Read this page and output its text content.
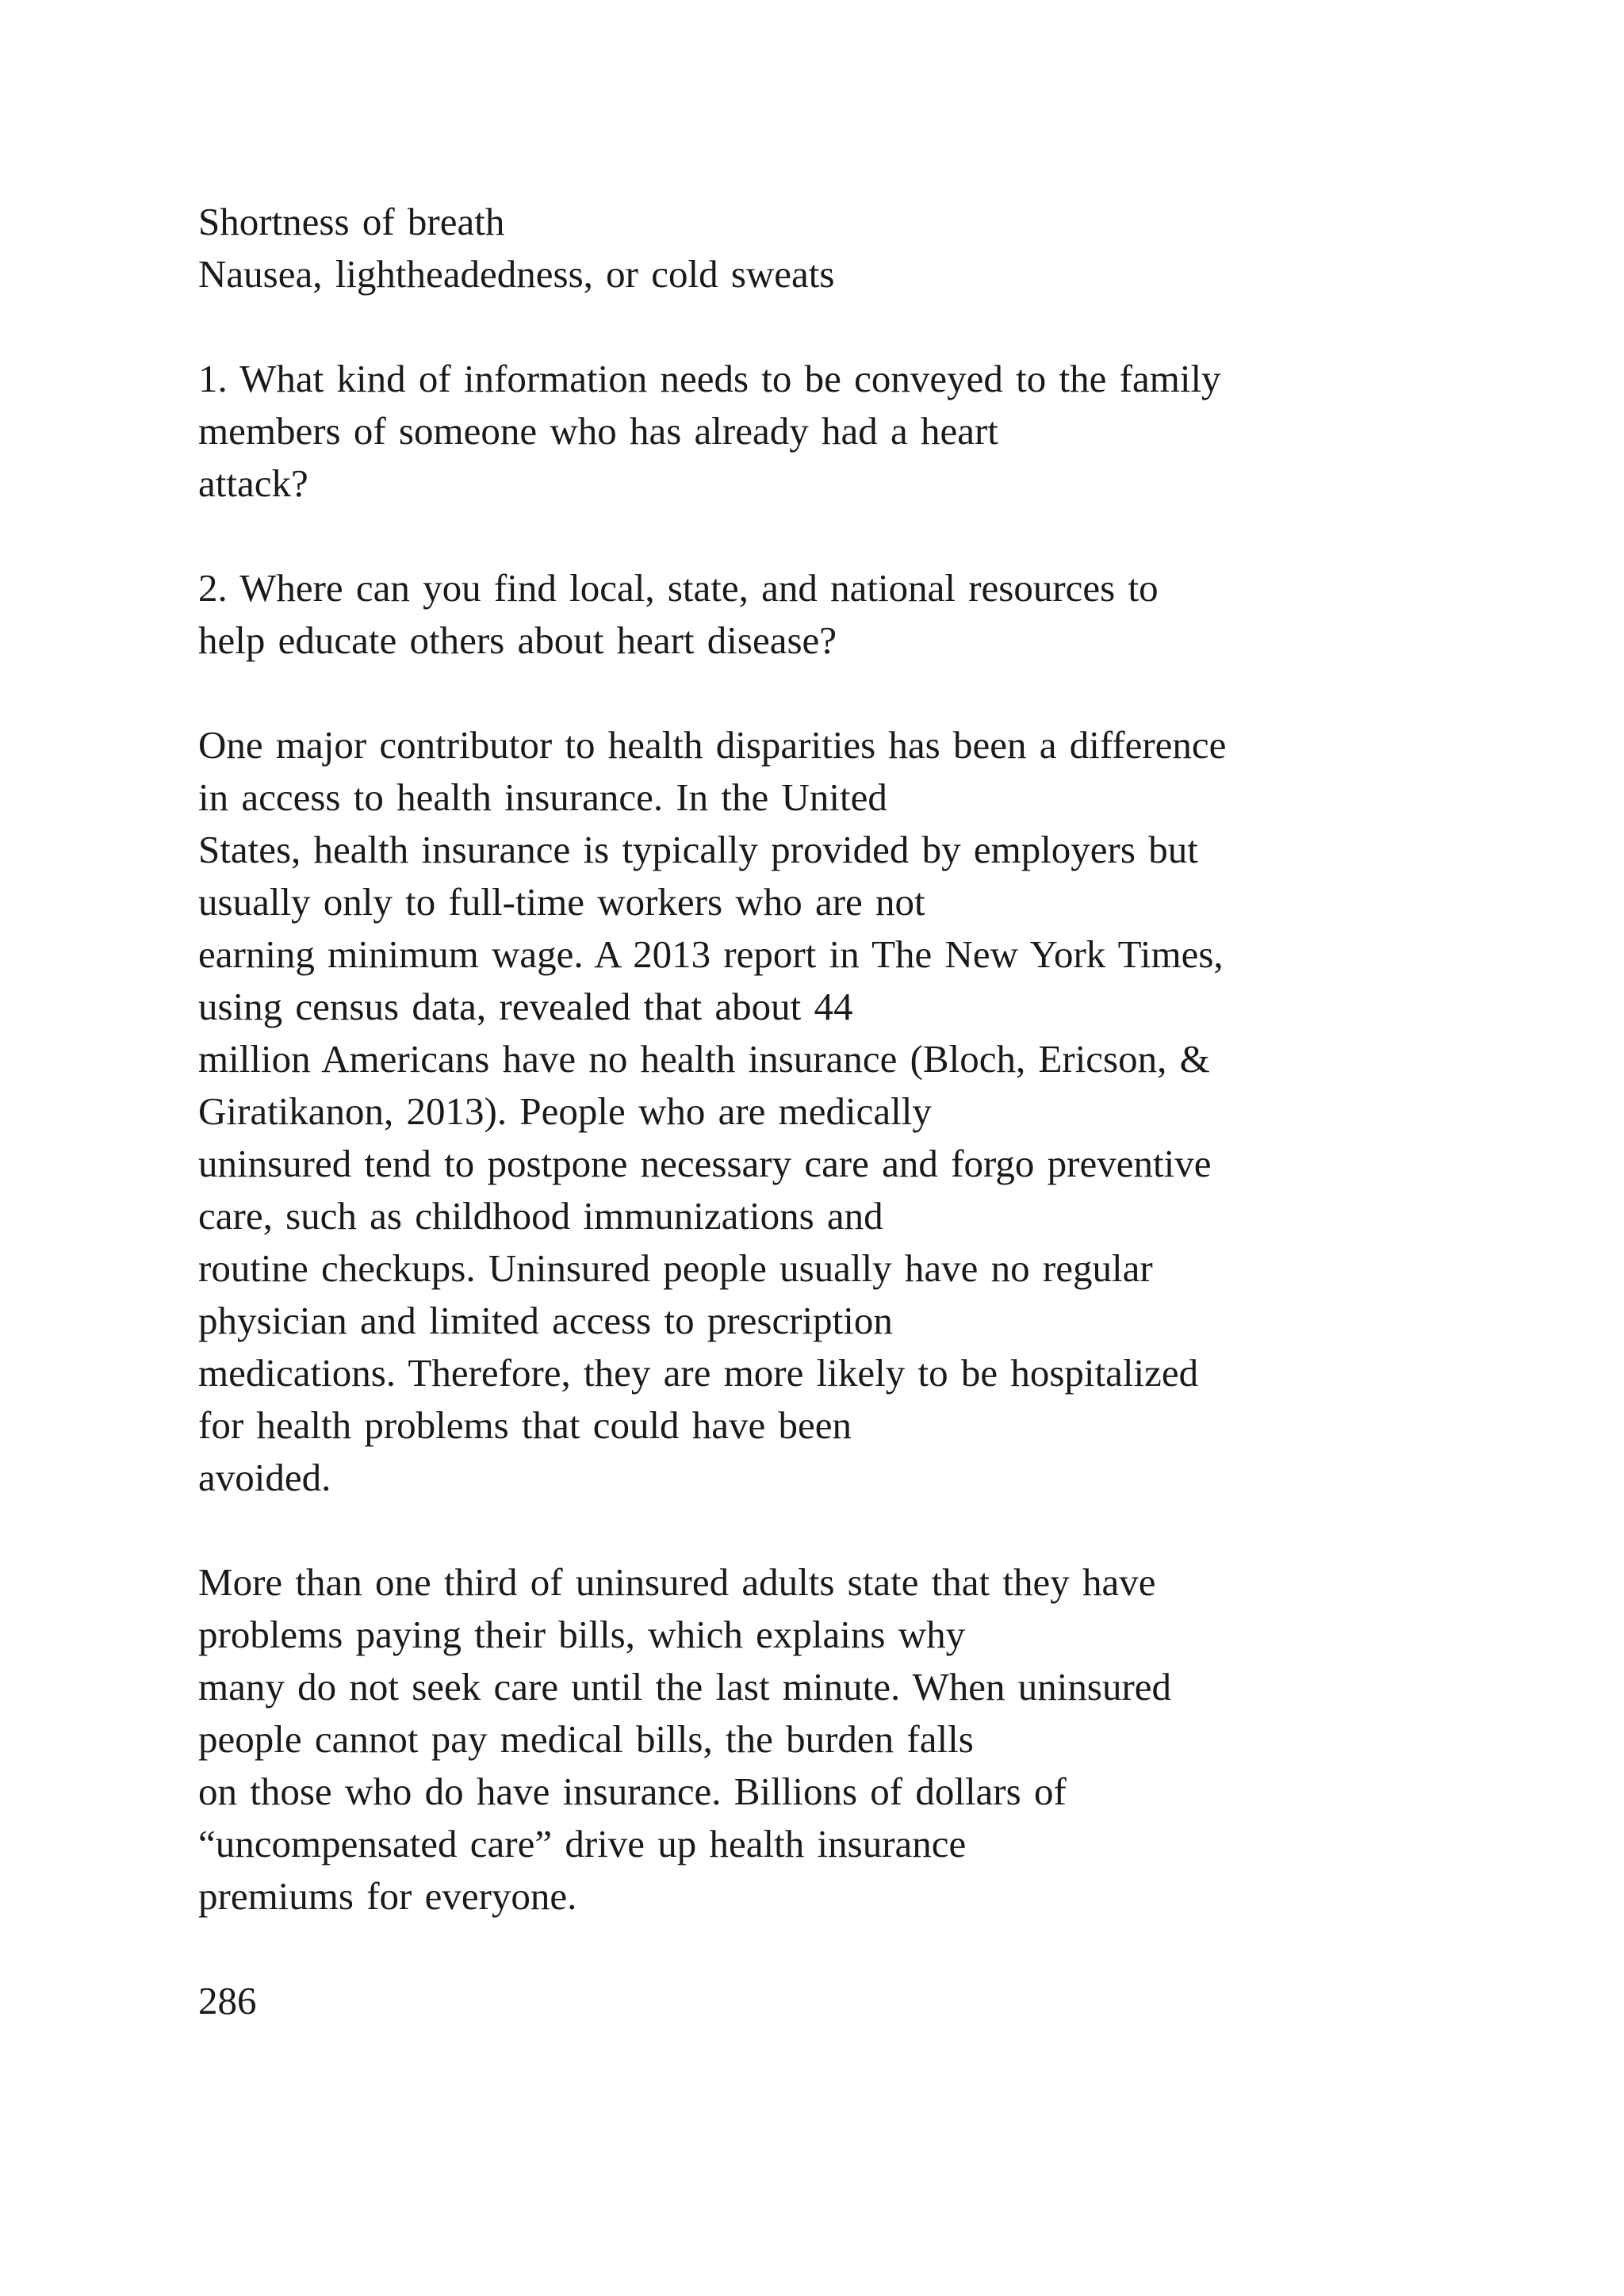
Shortness of breath
Nausea, lightheadedness, or cold sweats
1. What kind of information needs to be conveyed to the family
members of someone who has already had a heart
attack?
2. Where can you find local, state, and national resources to
help educate others about heart disease?
One major contributor to health disparities has been a difference
in access to health insurance. In the United
States, health insurance is typically provided by employers but
usually only to full-time workers who are not
earning minimum wage. A 2013 report in The New York Times,
using census data, revealed that about 44
million Americans have no health insurance (Bloch, Ericson, &
Giratikanon, 2013). People who are medically
uninsured tend to postpone necessary care and forgo preventive
care, such as childhood immunizations and
routine checkups. Uninsured people usually have no regular
physician and limited access to prescription
medications. Therefore, they are more likely to be hospitalized
for health problems that could have been
avoided.
More than one third of uninsured adults state that they have
problems paying their bills, which explains why
many do not seek care until the last minute. When uninsured
people cannot pay medical bills, the burden falls
on those who do have insurance. Billions of dollars of
“uncompensated care” drive up health insurance
premiums for everyone.
286
